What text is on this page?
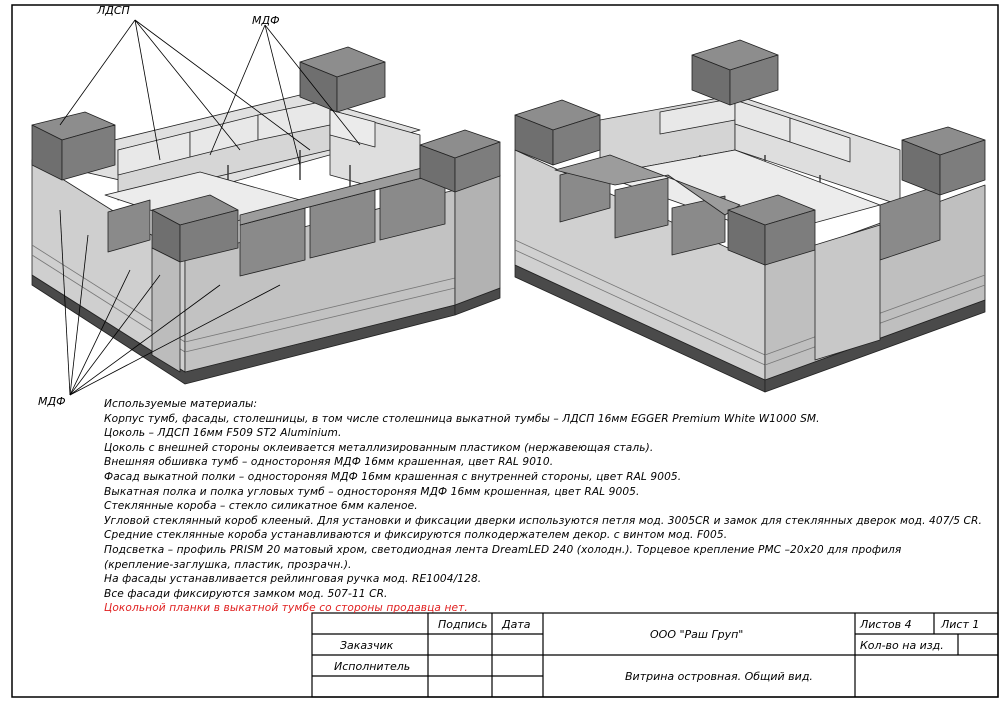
ЛДСП
МДФ
МДФ
Подпись Дата
Заказчик
Исполнитель
ООО "Раш Груп"
Витрина островная. Общий вид.
Листов 4	Лист 1
Кол-во на изд.
Используемые материалы:
Корпус тумб, фасады, столешницы, в том числе столешница выкатной тумбы – ЛДСП 16мм EGGER Premium White W1000 SM.
Цоколь – ЛДСП 16мм F509 ST2 Aluminium.
Цоколь с внешней стороны оклеивается металлизированным пластиком (нержавеющая сталь).
Внешняя обшивка тумб – одностороняя МДФ 16мм крашенная, цвет RAL 9010.
Фасад выкатной полки – одностороняя МДФ 16мм крашенная с внутренней стороны, цвет RAL 9005.
Выкатная полка и полка угловых тумб – одностороняя МДФ 16мм крошенная, цвет RAL 9005.
Стеклянные короба – стекло силикатное 6мм каленое.
Угловой стеклянный короб клееный. Для установки и фиксации дверки используются петля мод. 3005CR и замок для стеклянных дверок мод. 407/5 CR.
Средние стеклянные короба устанавливаются и фиксируются полкодержателем декор. с винтом мод. F005.
Подсветка – профиль PRISM 20 матовый хром, светодиодная лента DreamLED 240 (холодн.). Торцевое крепление PMC –20х20 для профиля
(крепление-заглушка, пластик, прозрачн.).
На фасады устанавливается рейлинговая ручка мод. RE1004/128.
Все фасади фиксируются замком мод. 507-11 CR.
Цокольной планки в выкатной тумбе со стороны продавца нет.
